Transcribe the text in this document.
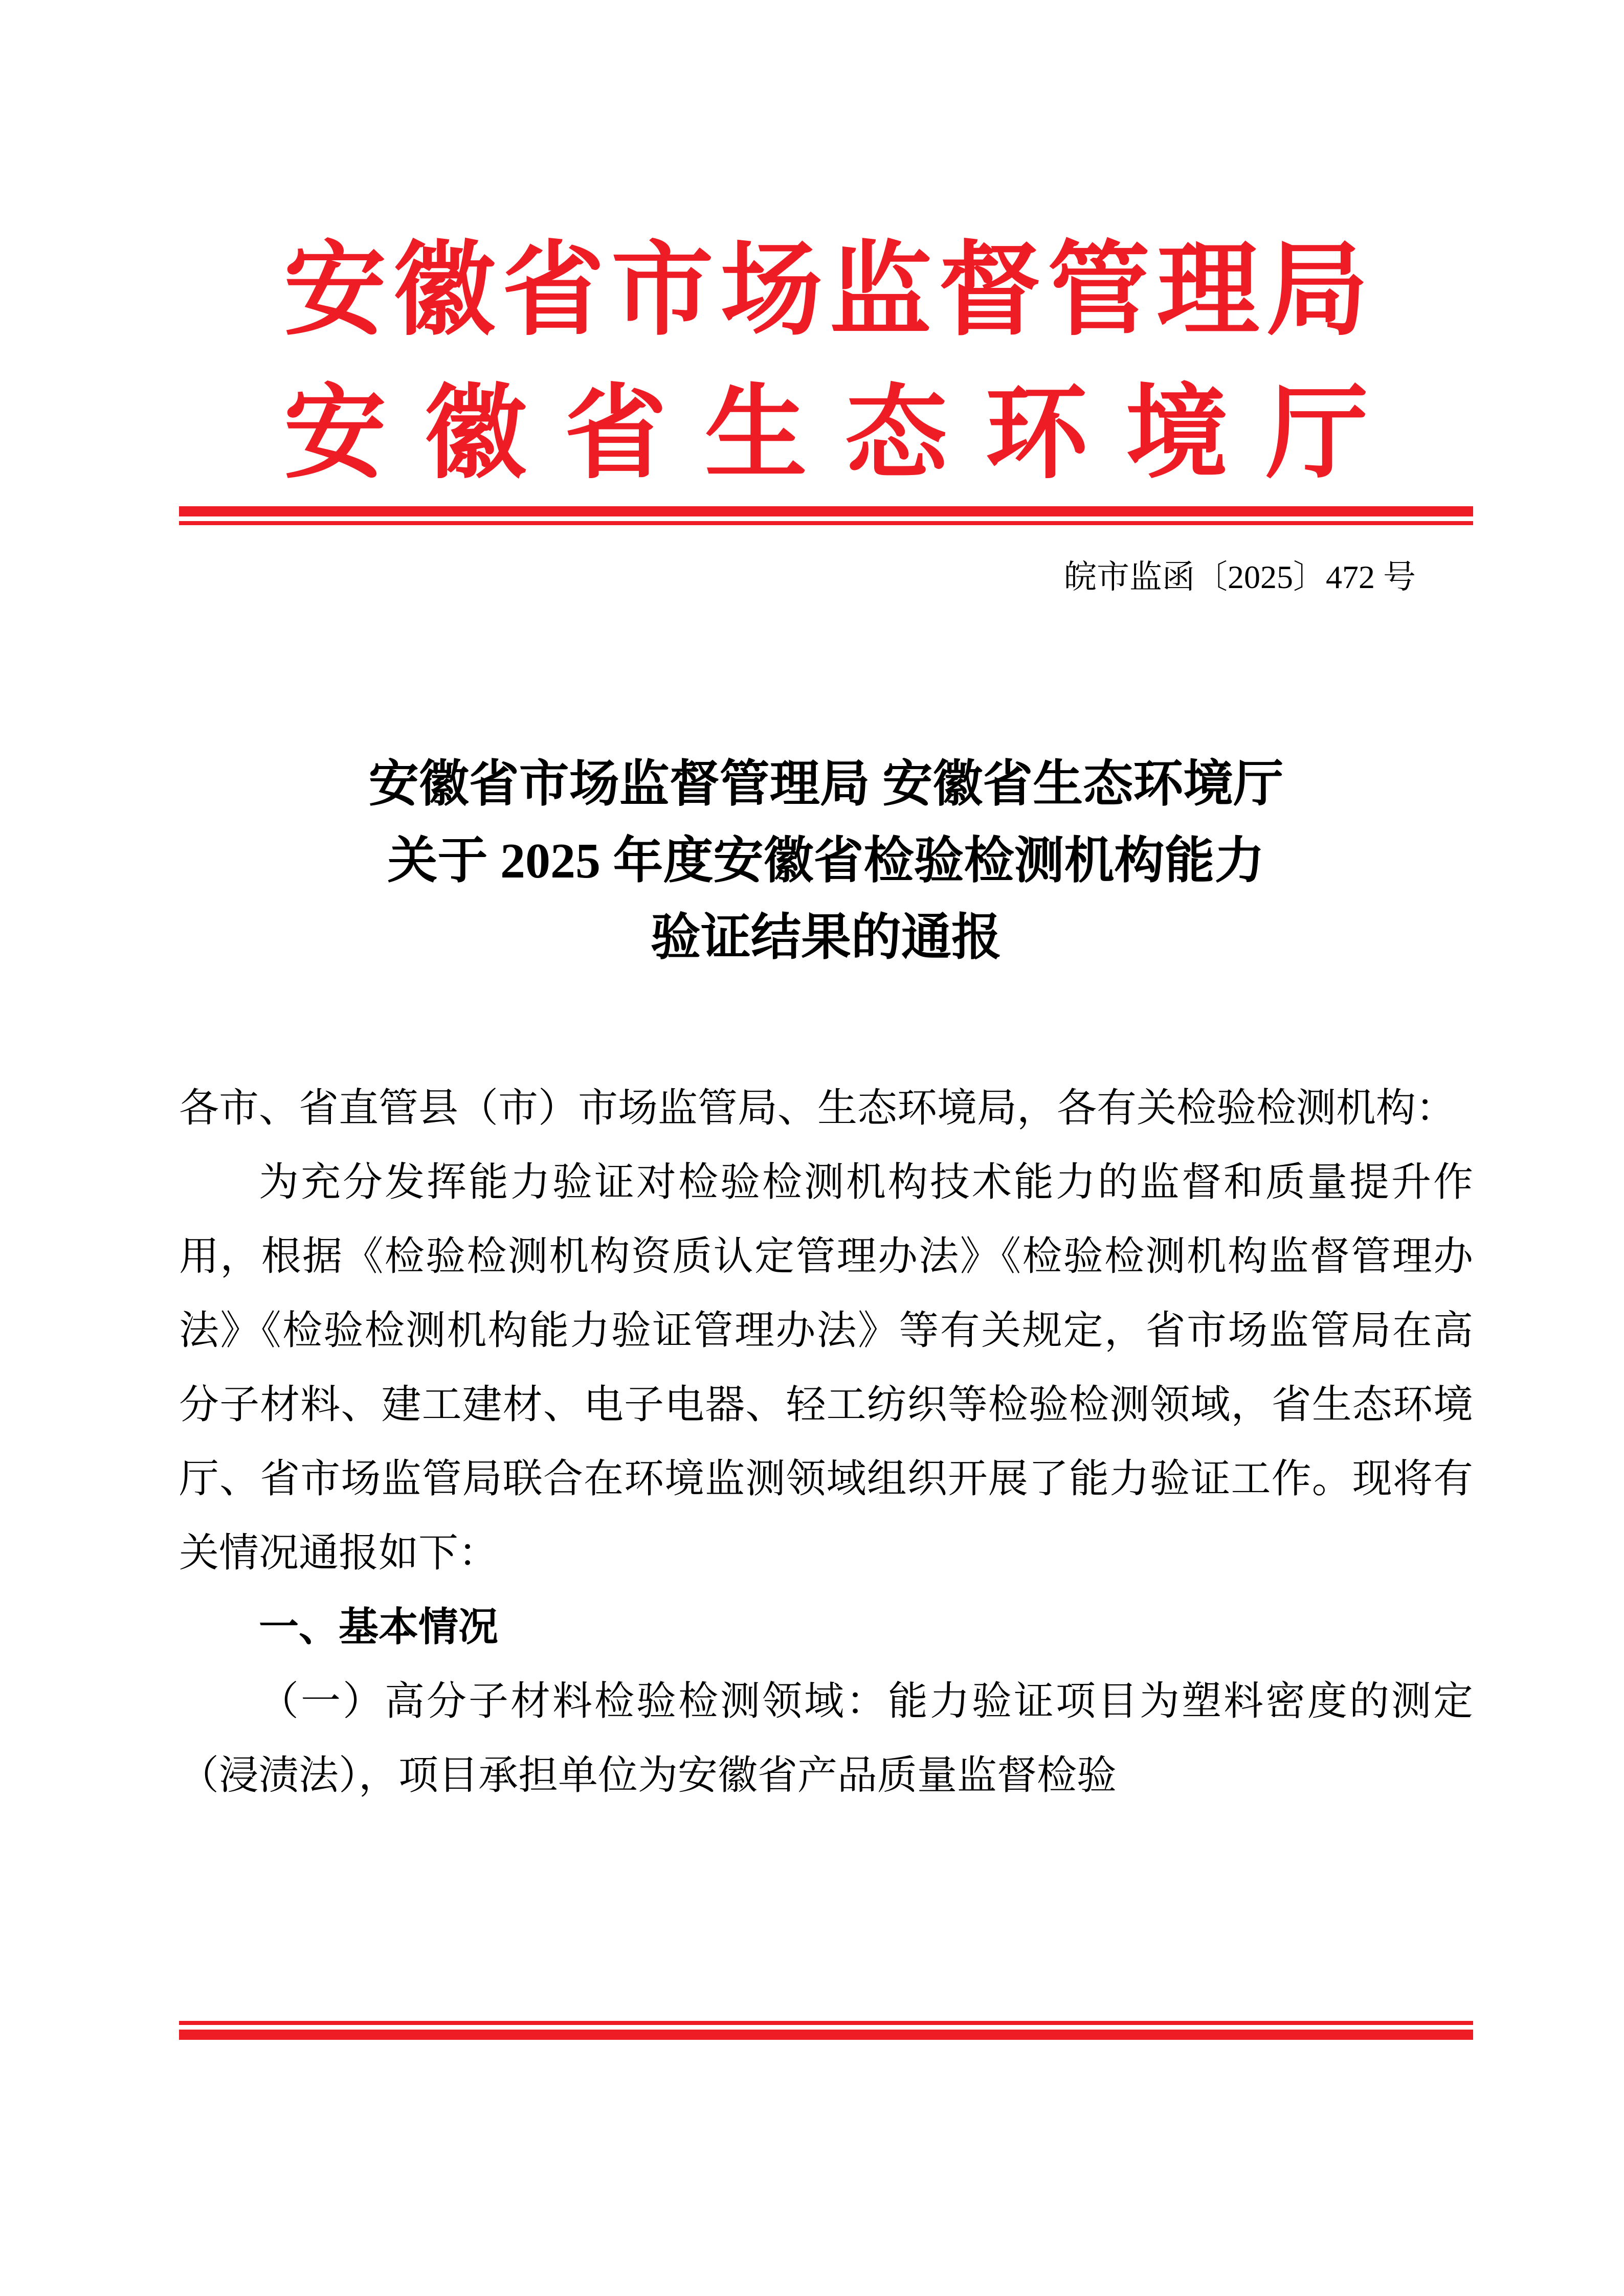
安 徽 省 市 场 监 督 管 理 局
安 徽 省 生 态 环 境 厅
皖市监函〔2025〕472 号
安徽省市场监督管理局 安徽省生态环境厅
关于 2025 年度安徽省检验检测机构能力
验证结果的通报

各市、省直管县（市）市场监管局、生态环境局，各有关检验检测机构：

为充分发挥能力验证对检验检测机构技术能力的监督和质量提升作用，根据《检验检测机构资质认定管理办法》《检验检测机构监督管理办法》《检验检测机构能力验证管理办法》等有关规定，省市场监管局在高分子材料、建工建材、电子电器、轻工纺织等检验检测领域，省生态环境厅、省市场监管局联合在环境监测领域组织开展了能力验证工作。现将有关情况通报如下：

一、基本情况

（一）高分子材料检验检测领域：能力验证项目为塑料密度的测定（浸渍法），项目承担单位为安徽省产品质量监督检验
